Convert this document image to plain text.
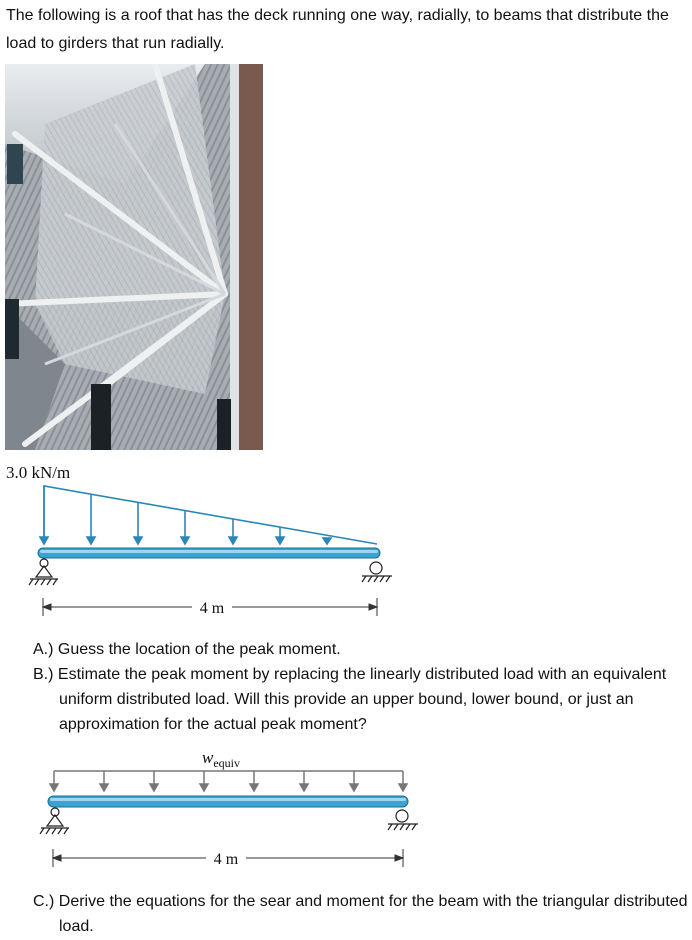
The following is a roof that has the deck running one way, radially, to beams that distribute the load to girders that run radially.

3.0 kN/m
4 m

A.) Guess the location of the peak moment.

B.) Estimate the peak moment by replacing the linearly distributed load with an equivalent uniform distributed load. Will this provide an upper bound, lower bound, or just an approximation for the actual peak moment?

$w_{equiv}$
4 m

C.) Derive the equations for the sear and moment for the beam with the triangular distributed load.
